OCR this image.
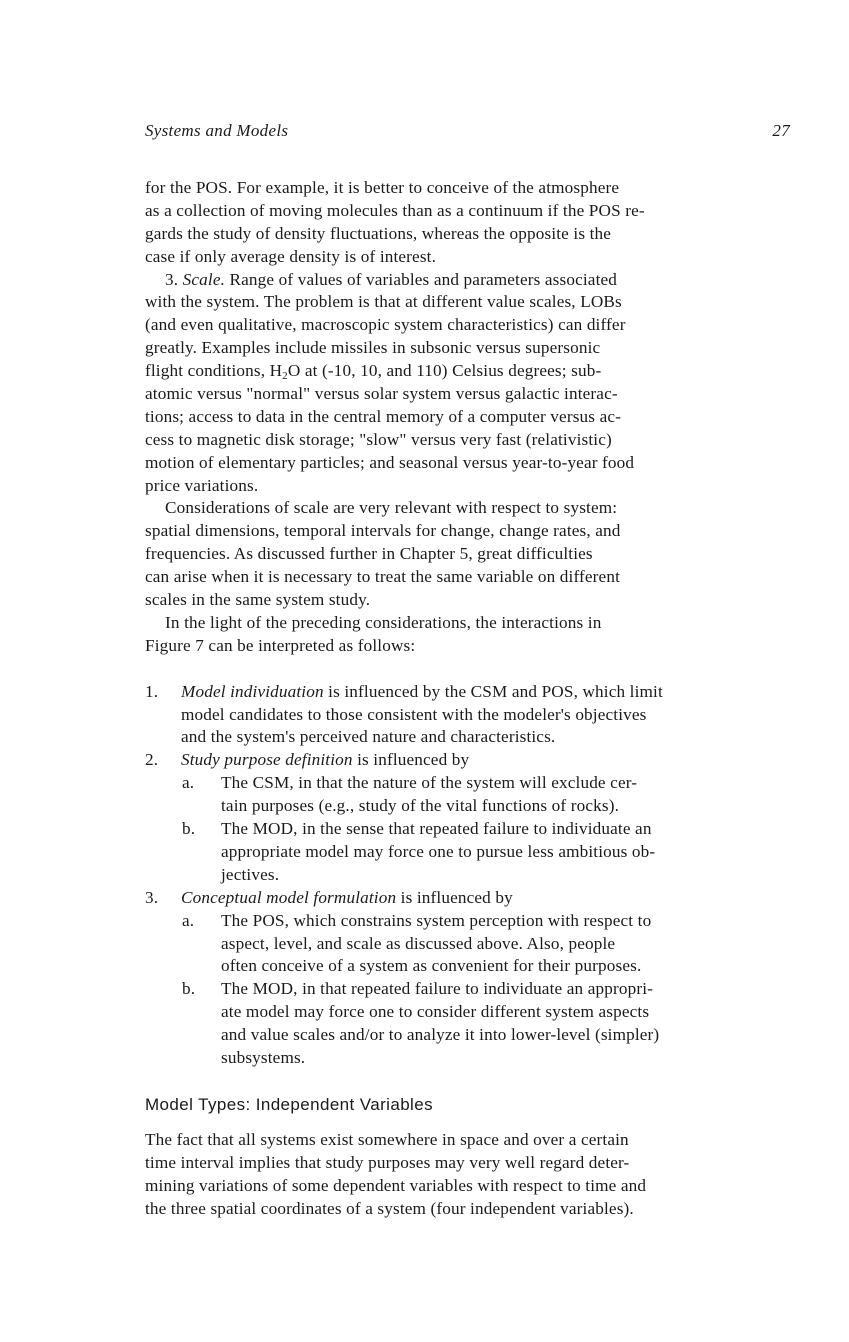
Systems and Models	27
for the POS. For example, it is better to conceive of the atmosphere
as a collection of moving molecules than as a continuum if the POS re-
gards the study of density fluctuations, whereas the opposite is the
case if only average density is of interest.
3. Scale. Range of values of variables and parameters associated
with the system. The problem is that at different value scales, LOBs
(and even qualitative, macroscopic system characteristics) can differ
greatly. Examples include missiles in subsonic versus supersonic
flight conditions, $H_2O$ at (-10, 10, and 110) Celsius degrees; sub-
atomic versus "normal" versus solar system versus galactic interac-
tions; access to data in the central memory of a computer versus ac-
cess to magnetic disk storage; "slow" versus very fast (relativistic)
motion of elementary particles; and seasonal versus year-to-year food
price variations.
Considerations of scale are very relevant with respect to system:
spatial dimensions, temporal intervals for change, change rates, and
frequencies. As discussed further in Chapter 5, great difficulties
can arise when it is necessary to treat the same variable on different
scales in the same system study.
In the light of the preceding considerations, the interactions in
Figure 7 can be interpreted as follows:
1. Model individuation is influenced by the CSM and POS, which limit
model candidates to those consistent with the modeler's objectives
and the system's perceived nature and characteristics.
2. Study purpose definition is influenced by
a. The CSM, in that the nature of the system will exclude cer-
tain purposes (e.g., study of the vital functions of rocks).
b. The MOD, in the sense that repeated failure to individuate an
appropriate model may force one to pursue less ambitious ob-
jectives.
3. Conceptual model formulation is influenced by
a. The POS, which constrains system perception with respect to
aspect, level, and scale as discussed above. Also, people
often conceive of a system as convenient for their purposes.
b. The MOD, in that repeated failure to individuate an appropri-
ate model may force one to consider different system aspects
and value scales and/or to analyze it into lower-level (simpler)
subsystems.
Model Types: Independent Variables
The fact that all systems exist somewhere in space and over a certain
time interval implies that study purposes may very well regard deter-
mining variations of some dependent variables with respect to time and
the three spatial coordinates of a system (four independent variables).
